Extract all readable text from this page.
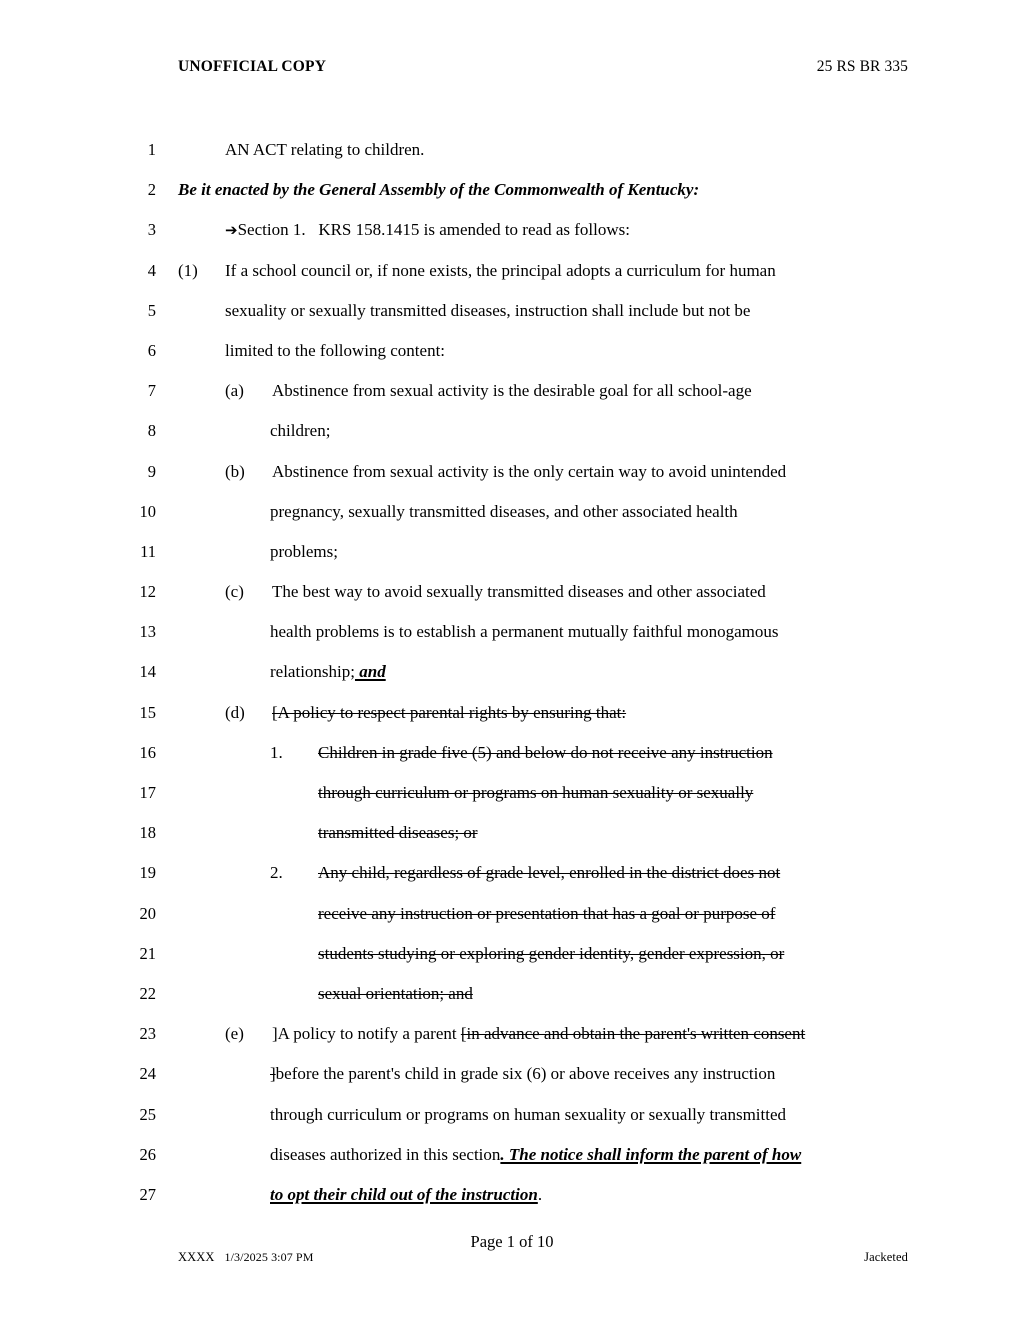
UNOFFICIAL COPY	25 RS BR 335
1	AN ACT relating to children.
2 Be it enacted by the General Assembly of the Commonwealth of Kentucky:
3	➔Section 1.   KRS 158.1415 is amended to read as follows:
4 (1) If a school council or, if none exists, the principal adopts a curriculum for human
5	sexuality or sexually transmitted diseases, instruction shall include but not be
6	limited to the following content:
7	(a) Abstinence from sexual activity is the desirable goal for all school-age
8	children;
9	(b) Abstinence from sexual activity is the only certain way to avoid unintended
10	pregnancy, sexually transmitted diseases, and other associated health
11	problems;
12	(c) The best way to avoid sexually transmitted diseases and other associated
13	health problems is to establish a permanent mutually faithful monogamous
14	relationship; and
15	(d) [A policy to respect parental rights by ensuring that:
16	1. Children in grade five (5) and below do not receive any instruction
17	through curriculum or programs on human sexuality or sexually
18	transmitted diseases; or
19	2. Any child, regardless of grade level, enrolled in the district does not
20	receive any instruction or presentation that has a goal or purpose of
21	students studying or exploring gender identity, gender expression, or
22	sexual orientation; and
23	(e) ]A policy to notify a parent [in advance and obtain the parent's written consent
24	]before the parent's child in grade six (6) or above receives any instruction
25	through curriculum or programs on human sexuality or sexually transmitted
26	diseases authorized in this section. The notice shall inform the parent of how
27	to opt their child out of the instruction.
Page 1 of 10
XXXX 1/3/2025 3:07 PM	Jacketed
